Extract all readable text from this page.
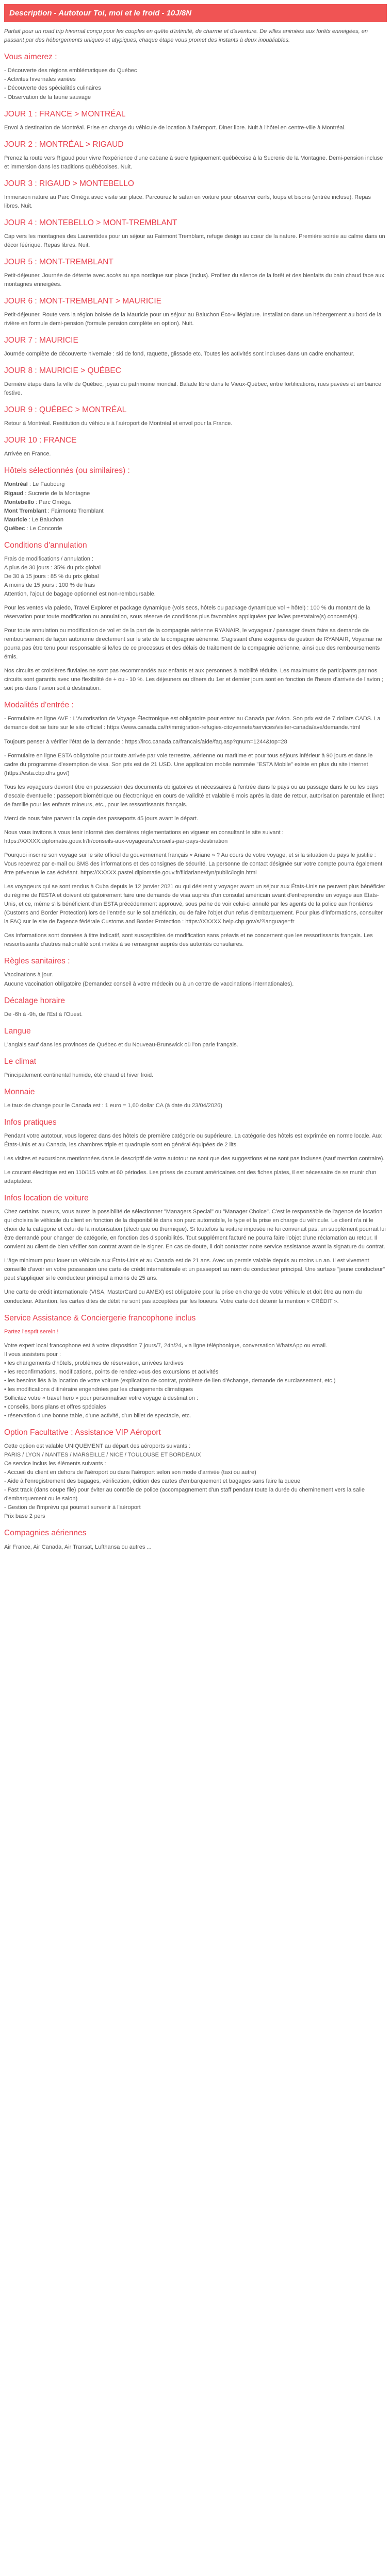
Description - Autotour Toi, moi et le froid - 10J/8N

Parfait pour un road trip hivernal conçu pour les couples en quête d'intimité, de charme et d'aventure. De villes animées aux forêts enneigées, en passant par des hébergements uniques et atypiques, chaque étape vous promet des instants à deux inoubliables.

Vous aimerez :
- Découverte des régions emblématiques du Québec
- Activités hivernales variées
- Découverte des spécialités culinaires
- Observation de la faune sauvage
JOUR 1 : FRANCE > MONTRÉAL

Envol à destination de Montréal. Prise en charge du véhicule de location à l'aéroport. Diner libre. Nuit à l'hôtel en centre-ville à Montréal.

JOUR 2 : MONTRÉAL > RIGAUD

Prenez la route vers Rigaud pour vivre l'expérience d'une cabane à sucre typiquement québécoise à la Sucrerie de la Montagne. Demi-pension incluse et immersion dans les traditions québécoises. Nuit.

JOUR 3 : RIGAUD > MONTEBELLO

Immersion nature au Parc Oméga avec visite sur place. Parcourez le safari en voiture pour observer cerfs, loups et bisons (entrée incluse). Repas libres. Nuit.

JOUR 4 : MONTEBELLO > MONT-TREMBLANT

Cap vers les montagnes des Laurentides pour un séjour au Fairmont Tremblant, refuge design au cœur de la nature. Première soirée au calme dans un décor féérique. Repas libres. Nuit.

JOUR 5 : MONT-TREMBLANT

Petit-déjeuner. Journée de détente avec accès au spa nordique sur place (inclus). Profitez du silence de la forêt et des bienfaits du bain chaud face aux montagnes enneigées.

JOUR 6 : MONT-TREMBLANT > MAURICIE

Petit-déjeuner. Route vers la région boisée de la Mauricie pour un séjour au Baluchon Éco-villégiature. Installation dans un hébergement au bord de la rivière en formule demi-pension (formule pension complète en option). Nuit.

JOUR 7 : MAURICIE

Journée complète de découverte hivernale : ski de fond, raquette, glissade etc. Toutes les activités sont incluses dans un cadre enchanteur.

JOUR 8 : MAURICIE > QUÉBEC

Dernière étape dans la ville de Québec, joyau du patrimoine mondial. Balade libre dans le Vieux-Québec, entre fortifications, rues pavées et ambiance festive.

JOUR 9 : QUÉBEC > MONTRÉAL

Retour à Montréal. Restitution du véhicule à l'aéroport de Montréal et envol pour la France.

JOUR 10 : FRANCE

Arrivée en France.

Hôtels sélectionnés (ou similaires) :
Montréal : Le Faubourg
Rigaud : Sucrerie de la Montagne
Montebello : Parc Oméga
Mont Tremblant : Fairmonte Tremblant
Mauricie : Le Baluchon
Québec : Le Concorde
Conditions d'annulation
Frais de modifications / annulation :
A plus de 30 jours : 35% du prix global
De 30 à 15 jours : 85 % du prix global
A moins de 15 jours : 100 % de frais
Attention, l'ajout de bagage optionnel est non-remboursable.

Pour les ventes via paiedo, Travel Explorer et package dynamique (vols secs, hôtels ou package dynamique vol + hôtel) : 100 % du montant de la réservation pour toute modification ou annulation, sous réserve de conditions plus favorables appliquées par le/les prestataire(s) concerné(s).

Pour toute annulation ou modification de vol et de la part de la compagnie aérienne RYANAIR, le voyageur / passager devra faire sa demande de remboursement de façon autonome directement sur le site de la compagnie aérienne. S'agissant d'une exigence de gestion de RYANAIR, Voyamar ne pourra pas être tenu pour responsable si le/les de ce processus et des délais de traitement de la compagnie aérienne, ainsi que des remboursements émis.

Nos circuits et croisières fluviales ne sont pas recommandés aux enfants et aux personnes à mobilité réduite. Les maximums de participants par nos circuits sont garantis avec une flexibilité de + ou - 10 %. Les déjeuners ou dîners du 1er et dernier jours sont en fonction de l'heure d'arrivée de l'avion ; soit pris dans l'avion soit à destination.

Modalités d'entrée :

- Formulaire en ligne AVE : L'Autorisation de Voyage Électronique est obligatoire pour entrer au Canada par Avion. Son prix est de 7 dollars CADS. La demande doit se faire sur le site officiel : https://www.canada.ca/fr/immigration-refugies-citoyennete/services/visiter-canada/ave/demande.html

Toujours penser à vérifier l'état de la demande : https://ircc.canada.ca/francais/aide/faq.asp?qnum=1244&top=28

- Formulaire en ligne ESTA obligatoire pour toute arrivée par voie terrestre, aérienne ou maritime et pour tous séjours inférieur à 90 jours et dans le cadre du programme d'exemption de visa. Son prix est de 21 USD. Une application mobile nommée "ESTA Mobile" existe en plus du site internet (https://esta.cbp.dhs.gov/)

Tous les voyageurs devront être en possession des documents obligatoires et nécessaires à l'entrée dans le pays ou au passage dans le ou les pays d'escale éventuelle : passeport biométrique ou électronique en cours de validité et valable 6 mois après la date de retour, autorisation parentale et livret de famille pour les enfants mineurs, etc., pour les ressortissants français.

Merci de nous faire parvenir la copie des passeports 45 jours avant le départ.

Nous vous invitons à vous tenir informé des dernières réglementations en vigueur en consultant le site suivant : https://XXXXX.diplomatie.gouv.fr/fr/conseils-aux-voyageurs/conseils-par-pays-destination

Pourquoi inscrire son voyage sur le site officiel du gouvernement français « Ariane » ? Au cours de votre voyage, et si la situation du pays le justifie : Vous recevrez par e-mail ou SMS des informations et des consignes de sécurité. La personne de contact désignée sur votre compte pourra également être prévenue le cas échéant. https://XXXXX.pastel.diplomatie.gouv.fr/fildariane/dyn/public/login.html

Les voyageurs qui se sont rendus à Cuba depuis le 12 janvier 2021 ou qui désirent y voyager avant un séjour aux États-Unis ne peuvent plus bénéficier du régime de l'ESTA et doivent obligatoirement faire une demande de visa auprès d'un consulat américain avant d'entreprendre un voyage aux États-Unis, et ce, même s'ils bénéficient d'un ESTA précédemment approuvé, sous peine de voir celui-ci annulé par les agents de la police aux frontières (Customs and Border Protection) lors de l'entrée sur le sol américain, ou de faire l'objet d'un refus d'embarquement. Pour plus d'informations, consulter la FAQ sur le site de l'agence fédérale Customs and Border Protection : https://XXXXX.help.cbp.gov/s/?language=fr

Ces informations sont données à titre indicatif, sont susceptibles de modification sans préavis et ne concernent que les ressortissants français. Les ressortissants d'autres nationalité sont invités à se renseigner auprès des autorités consulaires.

Règles sanitaires :
Vaccinations à jour.
Aucune vaccination obligatoire (Demandez conseil à votre médecin ou à un centre de vaccinations internationales).
Décalage horaire

De -6h à -9h, de l'Est à l'Ouest.

Langue

L'anglais sauf dans les provinces de Québec et du Nouveau-Brunswick où l'on parle français.

Le climat

Principalement continental humide, été chaud et hiver froid.

Monnaie

Le taux de change pour le Canada est : 1 euro = 1,60 dollar CA (à date du 23/04/2026)

Infos pratiques

Pendant votre autotour, vous logerez dans des hôtels de première catégorie ou supérieure. La catégorie des hôtels est exprimée en norme locale. Aux États-Unis et au Canada, les chambres triple et quadruple sont en général équipées de 2 lits.

Les visites et excursions mentionnées dans le descriptif de votre autotour ne sont que des suggestions et ne sont pas incluses (sauf mention contraire).

Le courant électrique est en 110/115 volts et 60 périodes. Les prises de courant américaines ont des fiches plates, il est nécessaire de se munir d'un adaptateur.

Infos location de voiture

Chez certains loueurs, vous aurez la possibilité de sélectionner "Managers Special" ou "Manager Choice". C'est le responsable de l'agence de location qui choisira le véhicule du client en fonction de la disponibilité dans son parc automobile, le type et la prise en charge du véhicule. Le client n'a ni le choix de la catégorie et celui de la motorisation (électrique ou thermique). Si toutefois la voiture imposée ne lui convenait pas, un supplément pourrait lui être demandé pour changer de catégorie, en fonction des disponibilités. Tout supplément facturé ne pourra faire l'objet d'une réclamation au retour. Il convient au client de bien vérifier son contrat avant de le signer. En cas de doute, il doit contacter notre service assistance avant la signature du contrat.

L'âge minimum pour louer un véhicule aux États-Unis et au Canada est de 21 ans. Avec un permis valable depuis au moins un an. Il est vivement conseillé d'avoir en votre possession une carte de crédit internationale et un passeport au nom du conducteur principal. Une surtaxe "jeune conducteur" peut s'appliquer si le conducteur principal a moins de 25 ans.

Une carte de crédit internationale (VISA, MasterCard ou AMEX) est obligatoire pour la prise en charge de votre véhicule et doit être au nom du conducteur. Attention, les cartes dites de débit ne sont pas acceptées par les loueurs. Votre carte doit détenir la mention « CRÉDIT ».

Service Assistance & Conciergerie francophone inclus

Partez l'esprit serein !

Votre expert local francophone est à votre disposition 7 jours/7, 24h/24, via ligne téléphonique, conversation WhatsApp ou email.
Il vous assistera pour :
• les changements d'hôtels, problèmes de réservation, arrivées tardives
• les reconfirmations, modifications, points de rendez-vous des excursions et activités
• les besoins liés à la location de votre voiture (explication de contrat, problème de lien d'échange, demande de surclassement, etc.)
• les modifications d'itinéraire engendrées par les changements climatiques
Sollicitez votre « travel hero » pour personnaliser votre voyage à destination :
• conseils, bons plans et offres spéciales
• réservation d'une bonne table, d'une activité, d'un billet de spectacle, etc.
Option Facultative : Assistance VIP Aéroport
Cette option est valable UNIQUEMENT au départ des aéroports suivants :
PARIS / LYON / NANTES / MARSEILLE / NICE / TOULOUSE ET BORDEAUX
Ce service inclus les éléments suivants :
- Accueil du client en dehors de l'aéroport ou dans l'aéroport selon son mode d'arrivée (taxi ou autre)
- Aide à l'enregistrement des bagages, vérification, édition des cartes d'embarquement et bagages sans faire la queue
- Fast track (dans coupe file) pour éviter au contrôle de police (accompagnement d'un staff pendant toute la durée du cheminement vers la salle d'embarquement ou le salon)
- Gestion de l'imprévu qui pourrait survenir à l'aéroport
Prix base 2 pers
Compagnies aériennes

Air France, Air Canada, Air Transat, Lufthansa ou autres ...
